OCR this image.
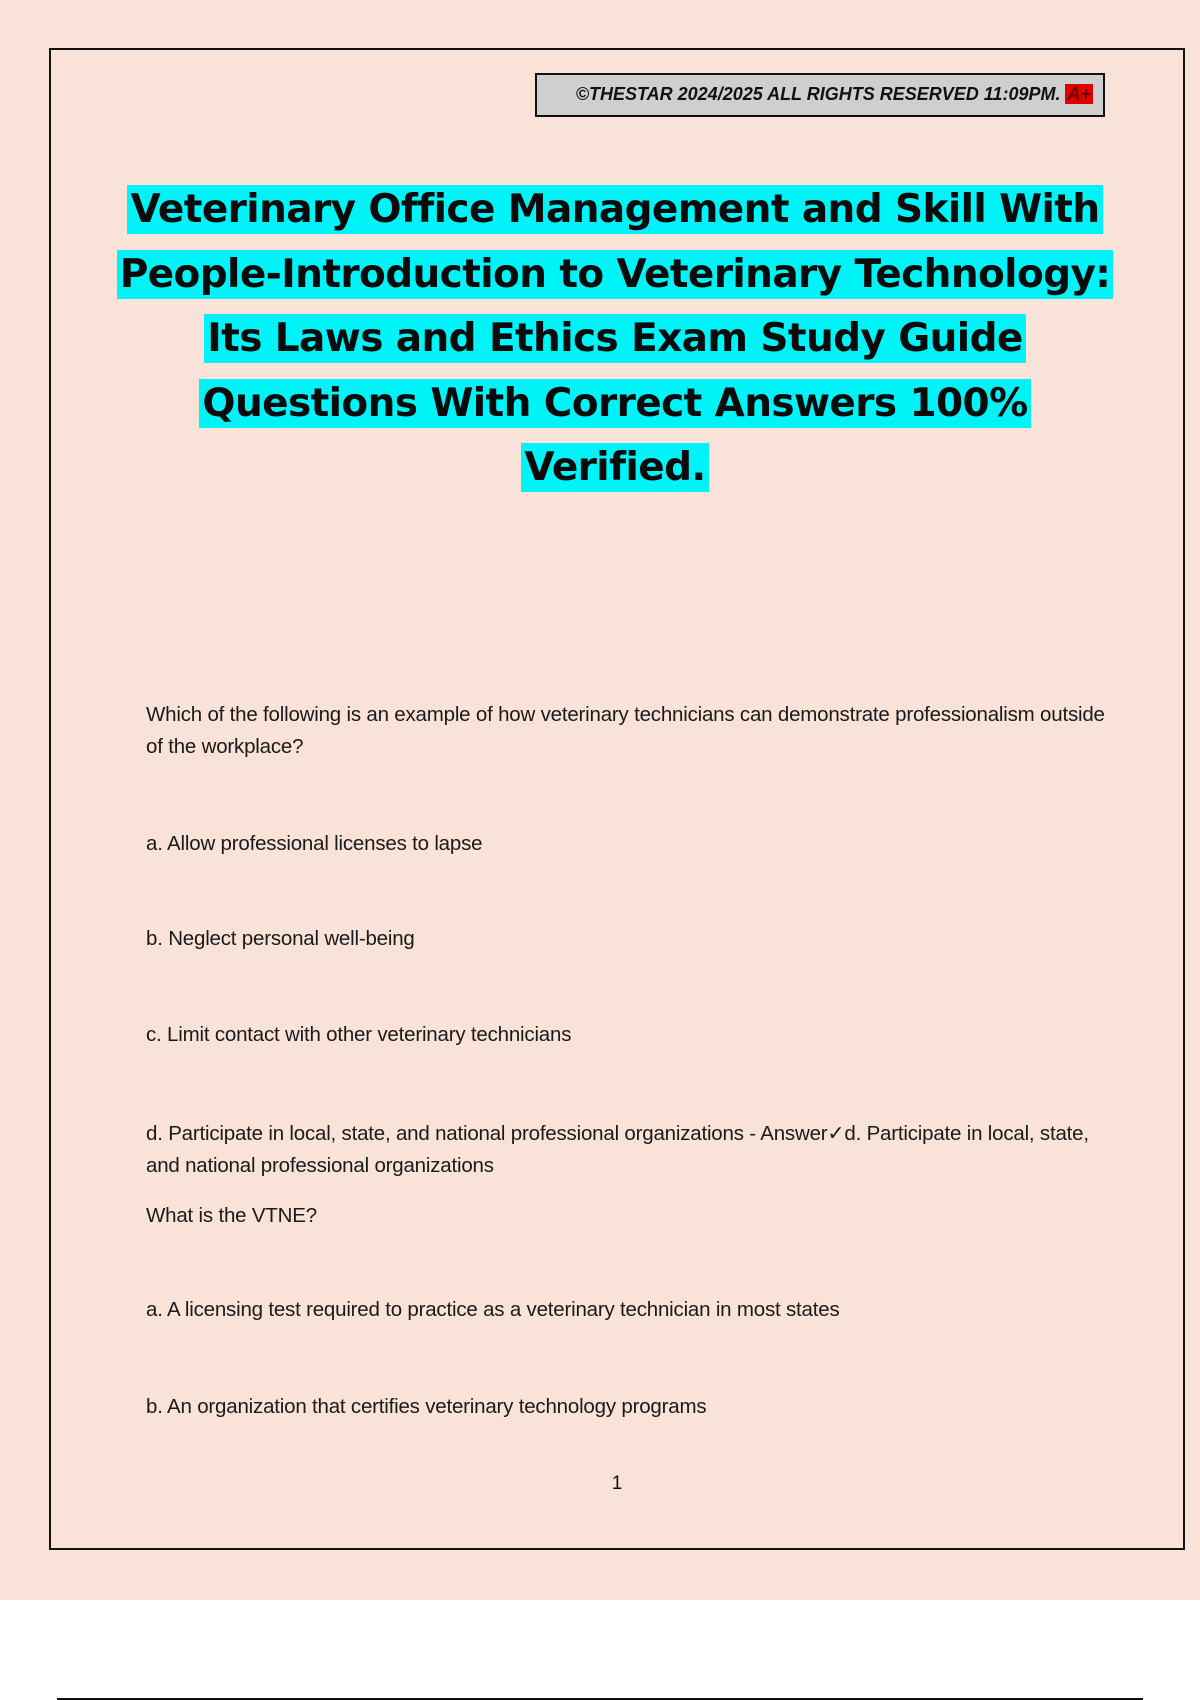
©THESTAR 2024/2025 ALL RIGHTS RESERVED 11:09PM. A+
Veterinary Office Management and Skill With
People-Introduction to Veterinary Technology:
Its Laws and Ethics Exam Study Guide
Questions With Correct Answers 100%
Verified.
Which of the following is an example of how veterinary technicians can demonstrate professionalism outside of the workplace?
a. Allow professional licenses to lapse
b. Neglect personal well-being
c. Limit contact with other veterinary technicians
d. Participate in local, state, and national professional organizations - Answer✓d. Participate in local, state, and national professional organizations
What is the VTNE?
a. A licensing test required to practice as a veterinary technician in most states
b. An organization that certifies veterinary technology programs
1
